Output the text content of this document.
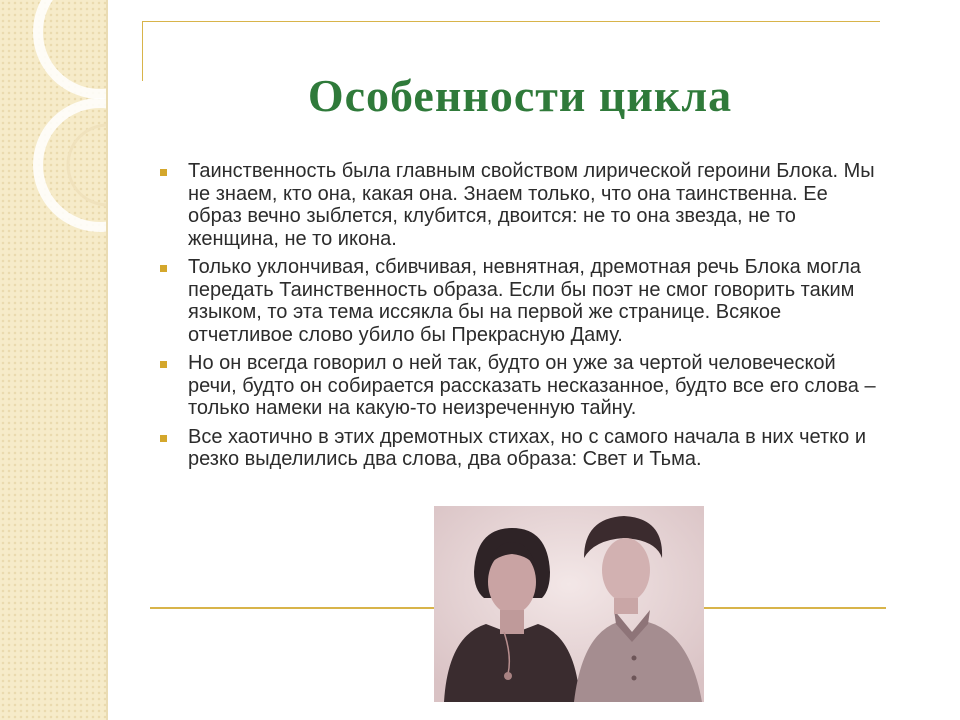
Особенности цикла
Таинственность была главным свойством лирической героини Блока. Мы не знаем, кто она, какая она. Знаем только, что она таинственна. Ее образ вечно зыблется, клубится, двоится: не то она звезда, не то женщина, не то икона.
Только уклончивая, сбивчивая, невнятная, дремотная речь Блока могла передать Таинственность образа. Если бы поэт не смог говорить таким языком, то эта тема иссякла бы на первой же странице. Всякое отчетливое слово убило бы Прекрасную Даму.
Но он всегда говорил о ней так, будто он уже за чертой человеческой речи, будто он собирается рассказать несказанное, будто все его слова – только намеки на какую-то неизреченную тайну.
Все хаотично в этих дремотных стихах, но с самого начала в них четко и резко выделились два слова, два образа: Свет и Тьма.
